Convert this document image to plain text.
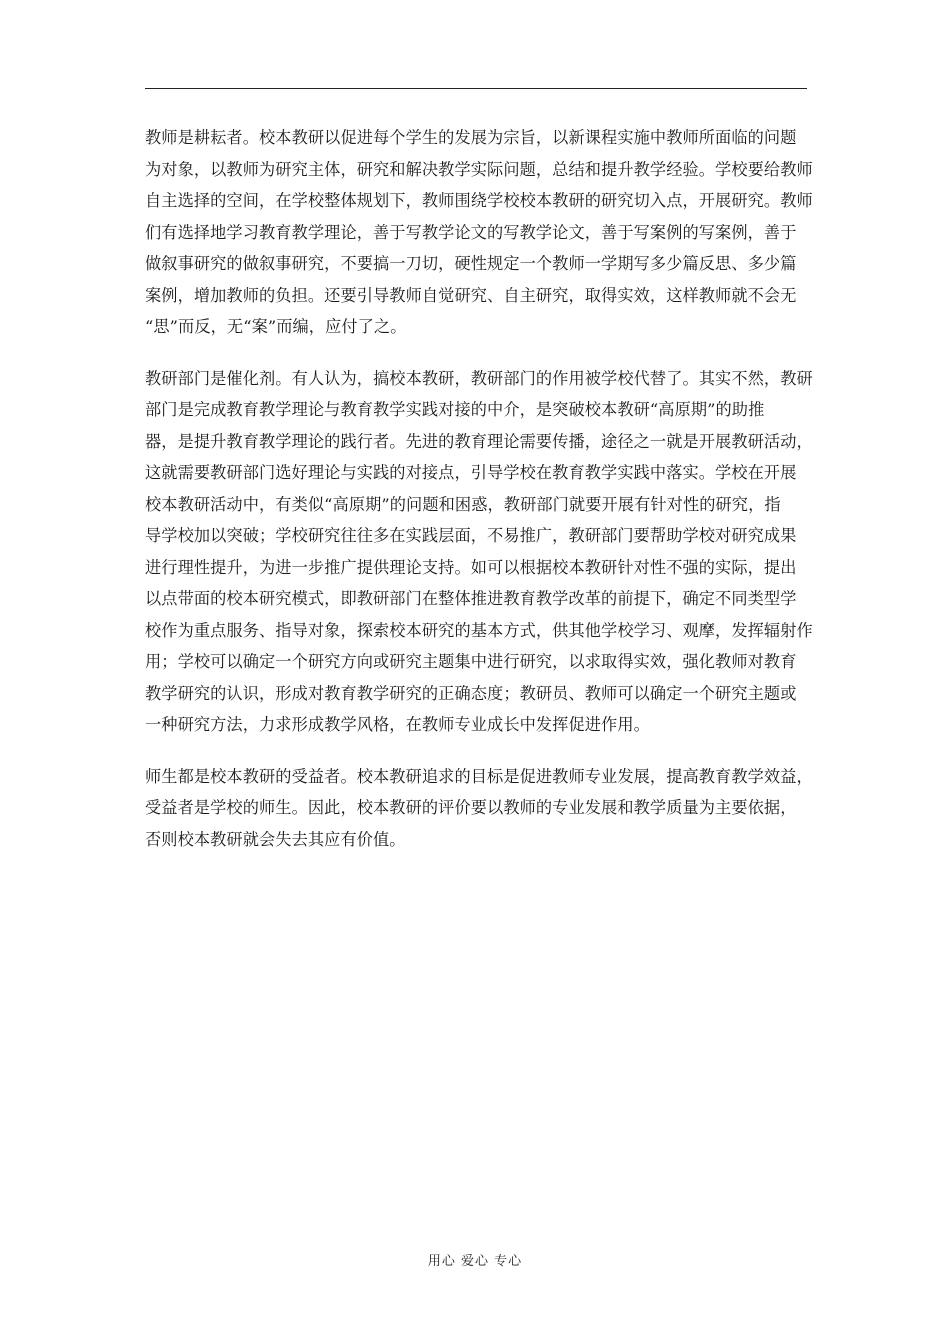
教师是耕耘者。校本教研以促进每个学生的发展为宗旨，以新课程实施中教师所面临的问题
为对象，以教师为研究主体，研究和解决教学实际问题，总结和提升教学经验。学校要给教师
自主选择的空间，在学校整体规划下，教师围绕学校校本教研的研究切入点，开展研究。教师
们有选择地学习教育教学理论，善于写教学论文的写教学论文，善于写案例的写案例，善于
做叙事研究的做叙事研究，不要搞一刀切，硬性规定一个教师一学期写多少篇反思、多少篇
案例，增加教师的负担。还要引导教师自觉研究、自主研究，取得实效，这样教师就不会无
“思”而反，无“案”而编，应付了之。

教研部门是催化剂。有人认为，搞校本教研，教研部门的作用被学校代替了。其实不然，教研
部门是完成教育教学理论与教育教学实践对接的中介，是突破校本教研“高原期”的助推
器，是提升教育教学理论的践行者。先进的教育理论需要传播，途径之一就是开展教研活动，
这就需要教研部门选好理论与实践的对接点，引导学校在教育教学实践中落实。学校在开展
校本教研活动中，有类似“高原期”的问题和困惑，教研部门就要开展有针对性的研究，指
导学校加以突破；学校研究往往多在实践层面，不易推广，教研部门要帮助学校对研究成果
进行理性提升，为进一步推广提供理论支持。如可以根据校本教研针对性不强的实际，提出
以点带面的校本研究模式，即教研部门在整体推进教育教学改革的前提下，确定不同类型学
校作为重点服务、指导对象，探索校本研究的基本方式，供其他学校学习、观摩，发挥辐射作
用；学校可以确定一个研究方向或研究主题集中进行研究，以求取得实效，强化教师对教育
教学研究的认识，形成对教育教学研究的正确态度；教研员、教师可以确定一个研究主题或
一种研究方法，力求形成教学风格，在教师专业成长中发挥促进作用。

师生都是校本教研的受益者。校本教研追求的目标是促进教师专业发展，提高教育教学效益，
受益者是学校的师生。因此，校本教研的评价要以教师的专业发展和教学质量为主要依据，
否则校本教研就会失去其应有价值。

用心 爱心 专心
